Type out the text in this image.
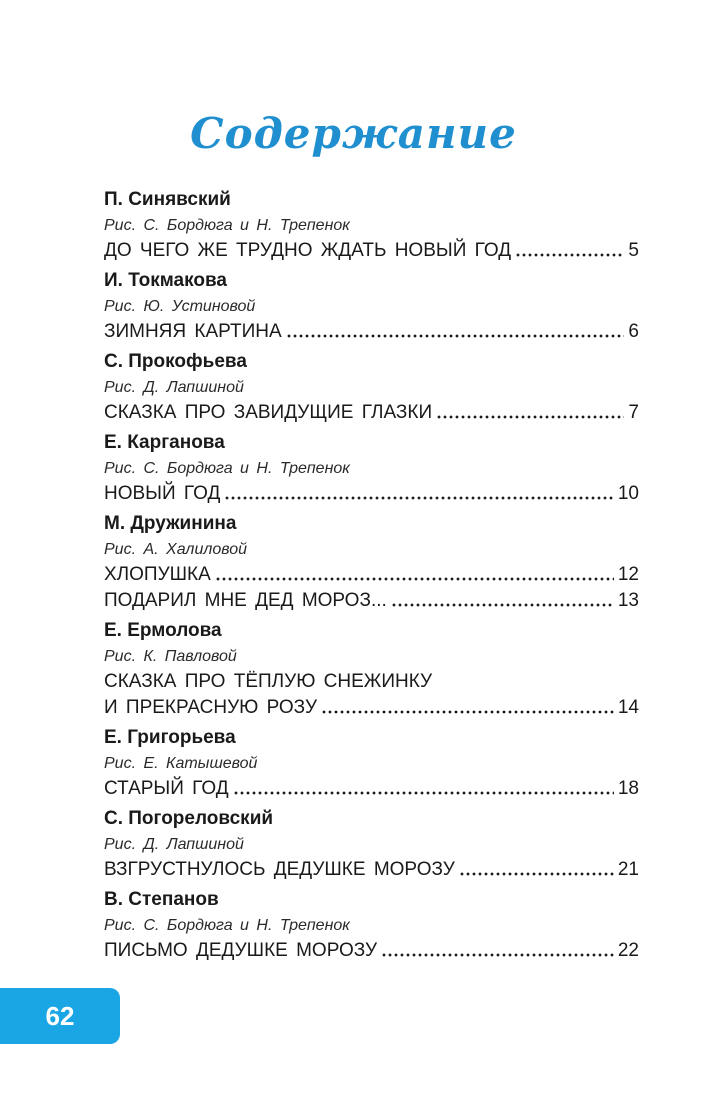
Содержание
П. Синявский
Рис. С. Бордюга и Н. Трепенок
ДО ЧЕГО ЖЕ ТРУДНО ЖДАТЬ НОВЫЙ ГОД	5
И. Токмакова
Рис. Ю. Устиновой
ЗИМНЯЯ КАРТИНА	6
С. Прокофьева
Рис. Д. Лапшиной
СКАЗКА ПРО ЗАВИДУЩИЕ ГЛАЗКИ	7
Е. Карганова
Рис. С. Бордюга и Н. Трепенок
НОВЫЙ ГОД	10
М. Дружинина
Рис. А. Халиловой
ХЛОПУШКА	12
ПОДАРИЛ МНЕ ДЕД МОРОЗ...	13
Е. Ермолова
Рис. К. Павловой
СКАЗКА ПРО ТЁПЛУЮ СНЕЖИНКУ
И ПРЕКРАСНУЮ РОЗУ	14
Е. Григорьева
Рис. Е. Катышевой
СТАРЫЙ ГОД	18
С. Погореловский
Рис. Д. Лапшиной
ВЗГРУСТНУЛОСЬ ДЕДУШКЕ МОРОЗУ	21
В. Степанов
Рис. С. Бордюга и Н. Трепенок
ПИСЬМО ДЕДУШКЕ МОРОЗУ	22
62
